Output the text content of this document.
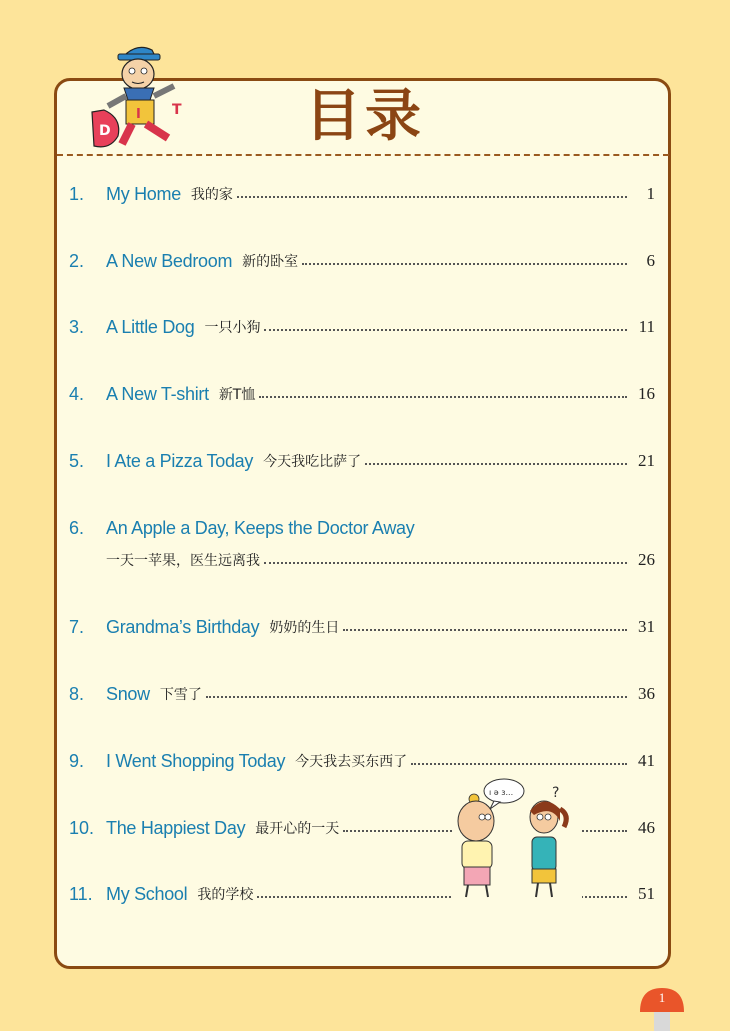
D
I T	目录
1. My Home 我的家	1
2. A New Bedroom 新的卧室	6
3. A Little Dog 一只小狗	11
4. A New T-shirt 新T恤	16
5. I Ate a Pizza Today 今天我吃比萨了	21
6. An Apple a Day, Keeps the Doctor Away
一天一苹果，医生远离我	26
7. Grandma’s Birthday 奶奶的生日	31
8. Snow 下雪了	36
9. I Went Shopping Today 今天我去买东西了	41
10. The Happiest Day 最开心的一天	46
11. My School 我的学校	51
ı ə з...	?
1
